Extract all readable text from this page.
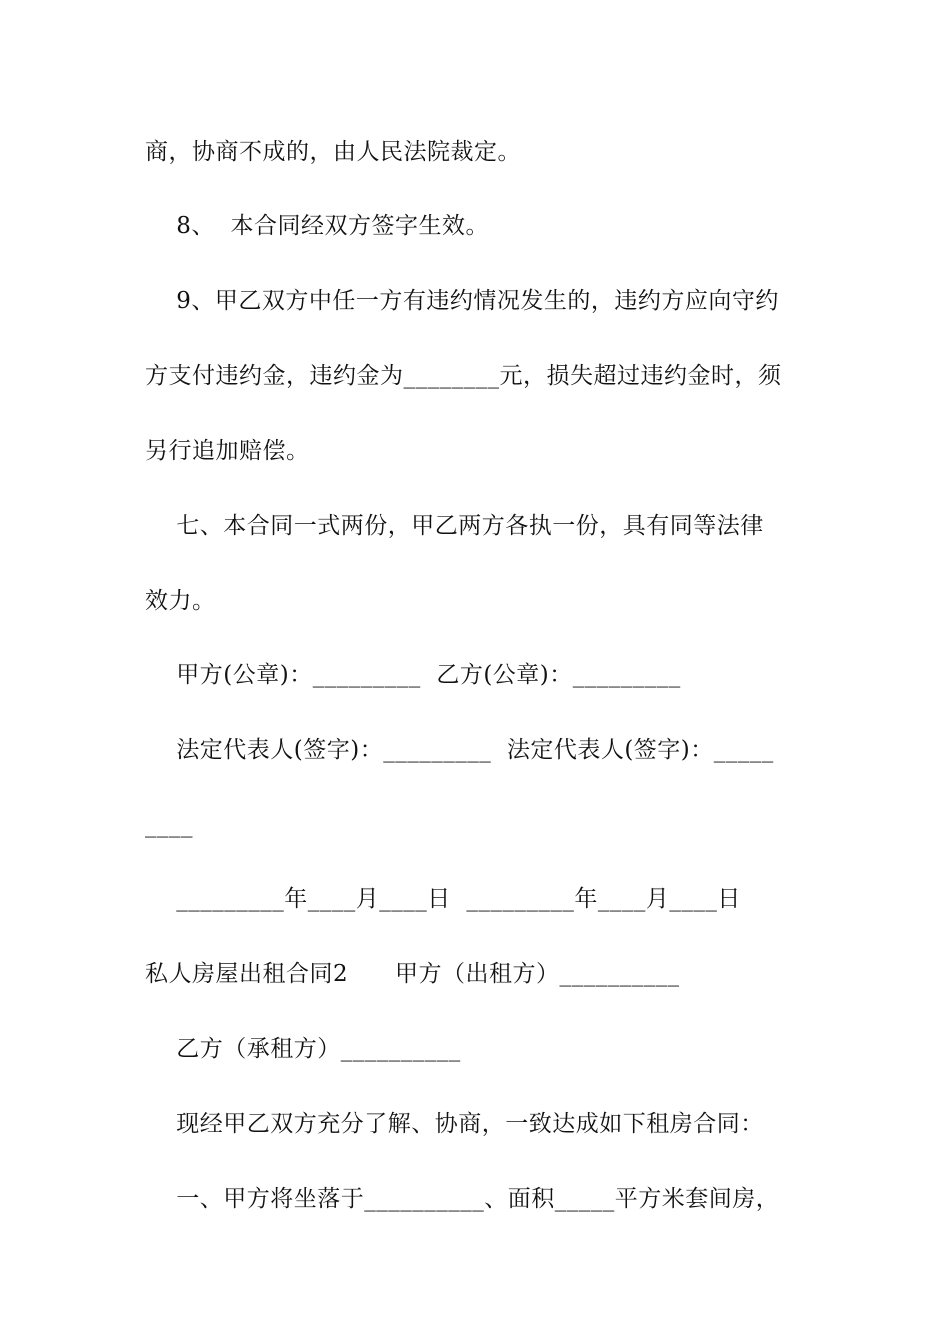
商，协商不成的，由人民法院裁定。
8、  本合同经双方签字生效。
9、甲乙双方中任一方有违约情况发生的，违约方应向守约
方支付违约金，违约金为________元，损失超过违约金时，须
另行追加赔偿。
七、本合同一式两份，甲乙两方各执一份，具有同等法律
效力。
甲方(公章)：_________  乙方(公章)：_________
法定代表人(签字)：_________  法定代表人(签字)：_____
____
_________年____月____日  _________年____月____日
私人房屋出租合同2      甲方（出租方）__________
乙方（承租方）__________
现经甲乙双方充分了解、协商，一致达成如下租房合同：
一、甲方将坐落于__________、面积_____平方米套间房，
